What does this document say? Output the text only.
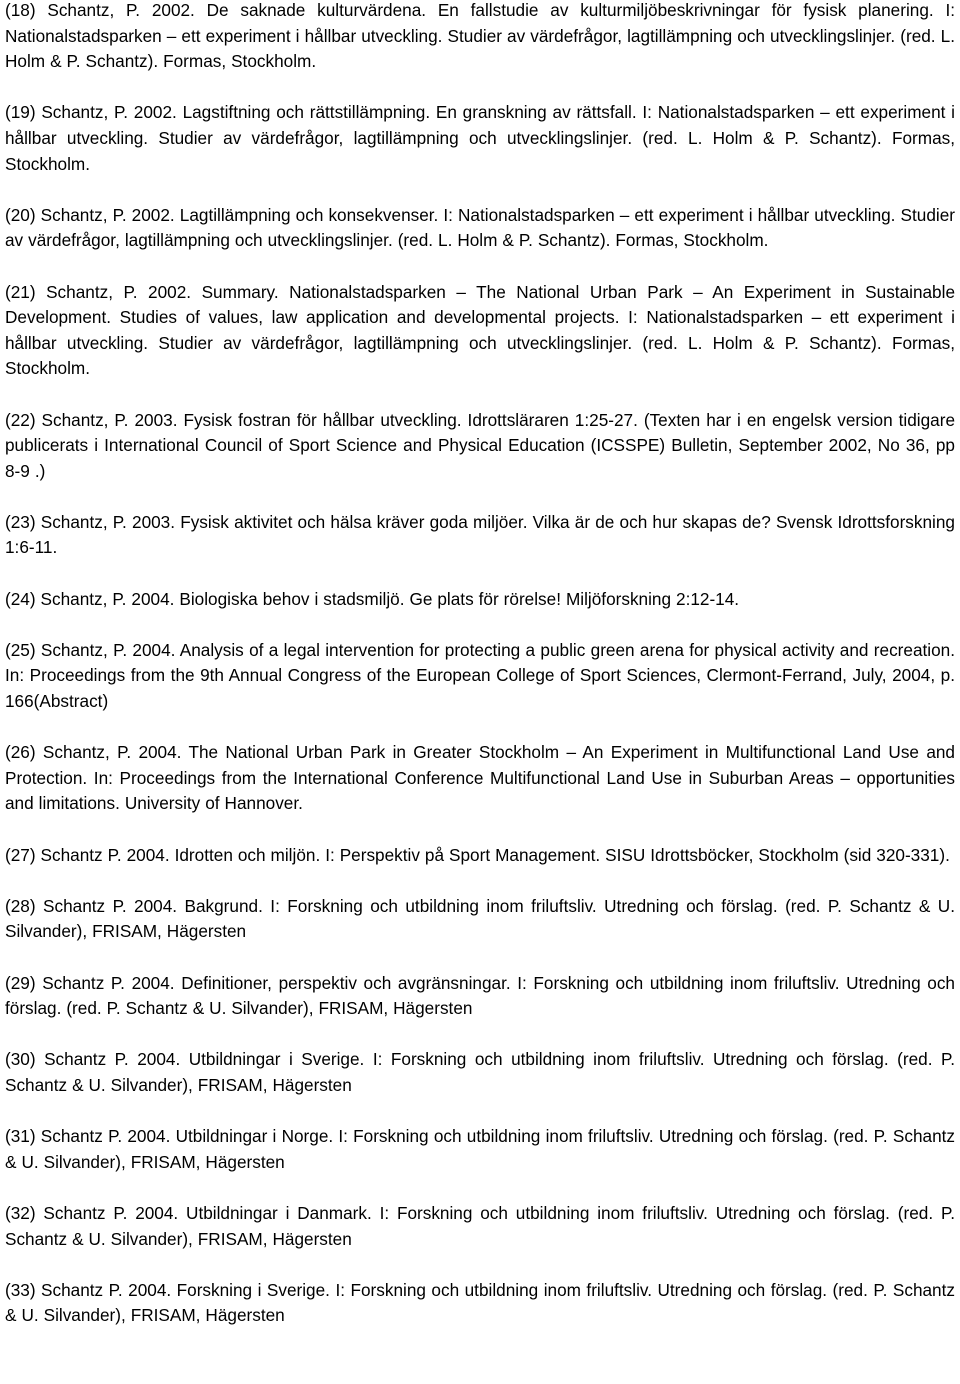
(18) Schantz, P. 2002. De saknade kulturvärdena. En fallstudie av kulturmiljöbeskrivningar för fysisk planering. I: Nationalstadsparken – ett experiment i hållbar utveckling. Studier av värdefrågor, lagtillämpning och utvecklingslinjer. (red. L. Holm & P. Schantz). Formas, Stockholm.

(19) Schantz, P. 2002. Lagstiftning och rättstillämpning. En granskning av rättsfall. I: Nationalstadsparken – ett experiment i hållbar utveckling. Studier av värdefrågor, lagtillämpning och utvecklingslinjer. (red. L. Holm & P. Schantz). Formas, Stockholm.

(20) Schantz, P. 2002. Lagtillämpning och konsekvenser. I: Nationalstadsparken – ett experiment i hållbar utveckling. Studier av värdefrågor, lagtillämpning och utvecklingslinjer. (red. L. Holm & P. Schantz). Formas, Stockholm.

(21) Schantz, P. 2002. Summary. Nationalstadsparken – The National Urban Park – An Experiment in Sustainable Development. Studies of values, law application and developmental projects. I: Nationalstadsparken – ett experiment i hållbar utveckling. Studier av värdefrågor, lagtillämpning och utvecklingslinjer. (red. L. Holm & P. Schantz). Formas, Stockholm.

(22) Schantz, P. 2003. Fysisk fostran för hållbar utveckling. Idrottsläraren 1:25-27. (Texten har i en engelsk version tidigare publicerats i International Council of Sport Science and Physical Education (ICSSPE) Bulletin, September 2002, No 36, pp 8-9 .)

(23) Schantz, P. 2003. Fysisk aktivitet och hälsa kräver goda miljöer. Vilka är de och hur skapas de? Svensk Idrottsforskning 1:6-11.

(24) Schantz, P. 2004. Biologiska behov i stadsmiljö. Ge plats för rörelse! Miljöforskning 2:12-14.

(25) Schantz, P. 2004. Analysis of a legal intervention for protecting a public green arena for physical activity and recreation. In: Proceedings from the 9th Annual Congress of the European College of Sport Sciences, Clermont-Ferrand, July, 2004, p. 166(Abstract)

(26) Schantz, P. 2004. The National Urban Park in Greater Stockholm – An Experiment in Multifunctional Land Use and Protection. In: Proceedings from the International Conference Multifunctional Land Use in Suburban Areas – opportunities and limitations. University of Hannover.

(27) Schantz P. 2004. Idrotten och miljön. I: Perspektiv på Sport Management. SISU Idrottsböcker, Stockholm (sid 320-331).

(28) Schantz P. 2004. Bakgrund. I: Forskning och utbildning inom friluftsliv. Utredning och förslag. (red. P. Schantz & U. Silvander), FRISAM, Hägersten

(29) Schantz P. 2004. Definitioner, perspektiv och avgränsningar. I: Forskning och utbildning inom friluftsliv. Utredning och förslag. (red. P. Schantz & U. Silvander), FRISAM, Hägersten

(30) Schantz P. 2004. Utbildningar i Sverige. I: Forskning och utbildning inom friluftsliv. Utredning och förslag. (red. P. Schantz & U. Silvander), FRISAM, Hägersten

(31) Schantz P. 2004. Utbildningar i Norge. I: Forskning och utbildning inom friluftsliv. Utredning och förslag. (red. P. Schantz & U. Silvander), FRISAM, Hägersten

(32) Schantz P. 2004. Utbildningar i Danmark. I: Forskning och utbildning inom friluftsliv. Utredning och förslag. (red. P. Schantz & U. Silvander), FRISAM, Hägersten

(33) Schantz P. 2004. Forskning i Sverige. I: Forskning och utbildning inom friluftsliv. Utredning och förslag. (red. P. Schantz & U. Silvander), FRISAM, Hägersten
